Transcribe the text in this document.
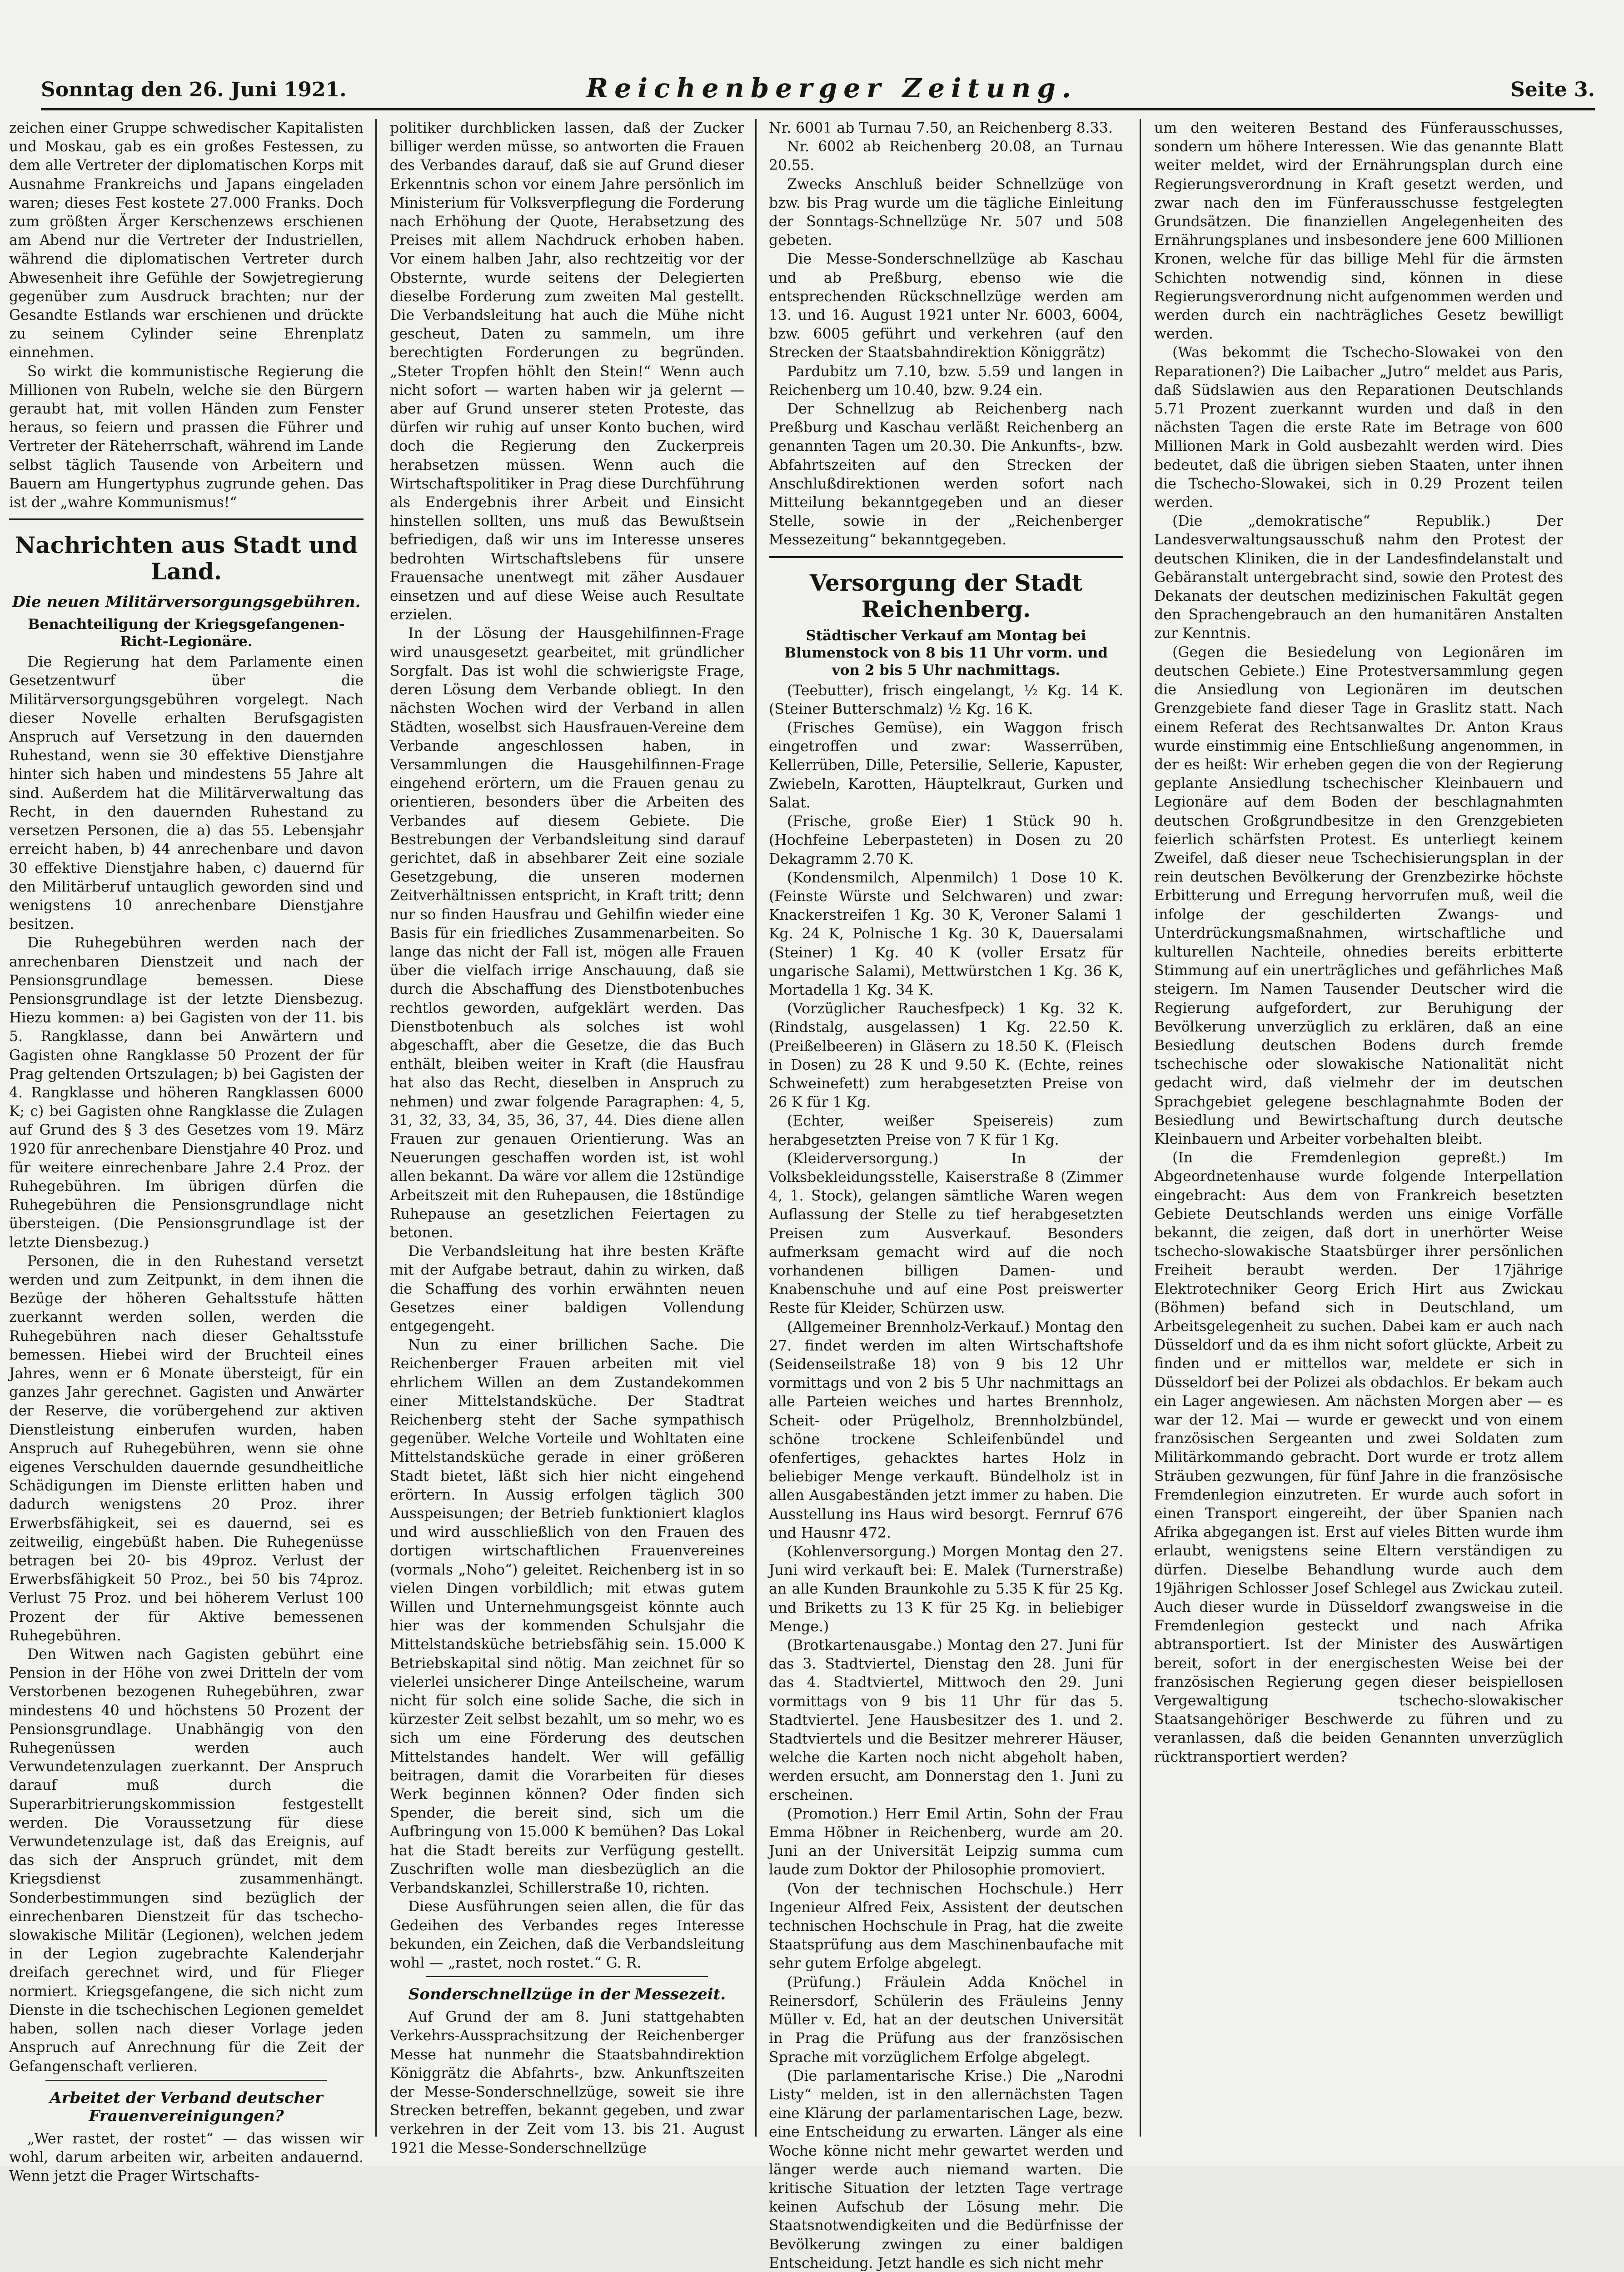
Sonntag den 26. Juni 1921.	Reichenberger Zeitung.	Seite 3.

zeichen einer Gruppe schwedischer Kapitalisten und Moskau, gab es ein großes Festessen, zu dem alle Vertreter der diplomatischen Korps mit Ausnahme Frankreichs und Japans eingeladen waren; dieses Fest kostete 27.000 Franks. Doch zum größten Ärger Kerschenzews erschienen am Abend nur die Vertreter der Industriellen, während die diplomatischen Vertreter durch Abwesenheit ihre Gefühle der Sowjetregierung gegenüber zum Ausdruck brachten; nur der Gesandte Estlands war erschienen und drückte zu seinem Cylinder seine Ehrenplatz einnehmen.

So wirkt die kommunistische Regierung die Millionen von Rubeln, welche sie den Bürgern geraubt hat, mit vollen Händen zum Fenster heraus, so feiern und prassen die Führer und Vertreter der Räteherrschaft, während im Lande selbst täglich Tausende von Arbeitern und Bauern am Hungertyphus zugrunde gehen. Das ist der „wahre Kommunismus!“

Nachrichten aus Stadt und Land.
Die neuen Militärversorgungsgebühren.
Benachteiligung der Kriegsgefangenen- Richt-Legionäre.

Die Regierung hat dem Parlamente einen Gesetzentwurf über die Militärversorgungsgebühren vorgelegt. Nach dieser Novelle erhalten Berufsgagisten Anspruch auf Versetzung in den dauernden Ruhestand, wenn sie 30 effektive Dienstjahre hinter sich haben und mindestens 55 Jahre alt sind. Außerdem hat die Militärverwaltung das Recht, in den dauernden Ruhestand zu versetzen Personen, die a) das 55. Lebensjahr erreicht haben, b) 44 anrechenbare und davon 30 effektive Dienstjahre haben, c) dauernd für den Militärberuf untauglich geworden sind und wenigstens 10 anrechenbare Dienstjahre besitzen.

Die Ruhegebühren werden nach der anrechenbaren Dienstzeit und nach der Pensionsgrundlage bemessen. Diese Pensionsgrundlage ist der letzte Diensbezug. Hiezu kommen: a) bei Gagisten von der 11. bis 5. Rangklasse, dann bei Anwärtern und Gagisten ohne Rangklasse 50 Prozent der für Prag geltenden Ortszulagen; b) bei Gagisten der 4. Rangklasse und höheren Rangklassen 6000 K; c) bei Gagisten ohne Rangklasse die Zulagen auf Grund des § 3 des Gesetzes vom 19. März 1920 für anrechenbare Dienstjahre 40 Proz. und für weitere einrechenbare Jahre 2.4 Proz. der Ruhegebühren. Im übrigen dürfen die Ruhegebühren die Pensionsgrundlage nicht übersteigen. (Die Pensionsgrundlage ist der letzte Diensbezug.)

Personen, die in den Ruhestand versetzt werden und zum Zeitpunkt, in dem ihnen die Bezüge der höheren Gehaltsstufe hätten zuerkannt werden sollen, werden die Ruhegebühren nach dieser Gehaltsstufe bemessen. Hiebei wird der Bruchteil eines Jahres, wenn er 6 Monate übersteigt, für ein ganzes Jahr gerechnet. Gagisten und Anwärter der Reserve, die vorübergehend zur aktiven Dienstleistung einberufen wurden, haben Anspruch auf Ruhegebühren, wenn sie ohne eigenes Verschulden dauernde gesundheitliche Schädigungen im Dienste erlitten haben und dadurch wenigstens 20 Proz. ihrer Erwerbsfähigkeit, sei es dauernd, sei es zeitweilig, eingebüßt haben. Die Ruhegenüsse betragen bei 20- bis 49proz. Verlust der Erwerbsfähigkeit 50 Proz., bei 50 bis 74proz. Verlust 75 Proz. und bei höherem Verlust 100 Prozent der für Aktive bemessenen Ruhegebühren.

Den Witwen nach Gagisten gebührt eine Pension in der Höhe von zwei Dritteln der vom Verstorbenen bezogenen Ruhegebühren, zwar mindestens 40 und höchstens 50 Prozent der Pensionsgrundlage. Unabhängig von den Ruhegenüssen werden auch Verwundetenzulagen zuerkannt. Der Anspruch darauf muß durch die Superarbitrierungskommission festgestellt werden. Die Voraussetzung für diese Verwundetenzulage ist, daß das Ereignis, auf das sich der Anspruch gründet, mit dem Kriegsdienst zusammenhängt. Sonderbestimmungen sind bezüglich der einrechenbaren Dienstzeit für das tschecho-slowakische Militär (Legionen), welchen jedem in der Legion zugebrachte Kalenderjahr dreifach gerechnet wird, und für Flieger normiert. Kriegsgefangene, die sich nicht zum Dienste in die tschechischen Legionen gemeldet haben, sollen nach dieser Vorlage jeden Anspruch auf Anrechnung für die Zeit der Gefangenschaft verlieren.

Arbeitet der Verband deutscher Frauenvereinigungen?

„Wer rastet, der rostet“ — das wissen wir wohl, darum arbeiten wir, arbeiten andauernd. Wenn jetzt die Prager Wirtschafts-

politiker durchblicken lassen, daß der Zucker billiger werden müsse, so antworten die Frauen des Verbandes darauf, daß sie auf Grund dieser Erkenntnis schon vor einem Jahre persönlich im Ministerium für Volksverpflegung die Forderung nach Erhöhung der Quote, Herabsetzung des Preises mit allem Nachdruck erhoben haben. Vor einem halben Jahr, also rechtzeitig vor der Obsternte, wurde seitens der Delegierten dieselbe Forderung zum zweiten Mal gestellt. Die Verbandsleitung hat auch die Mühe nicht gescheut, Daten zu sammeln, um ihre berechtigten Forderungen zu begründen. „Steter Tropfen höhlt den Stein!“ Wenn auch nicht sofort — warten haben wir ja gelernt — aber auf Grund unserer steten Proteste, das dürfen wir ruhig auf unser Konto buchen, wird doch die Regierung den Zuckerpreis herabsetzen müssen. Wenn auch die Wirtschaftspolitiker in Prag diese Durchführung als Endergebnis ihrer Arbeit und Einsicht hinstellen sollten, uns muß das Bewußtsein befriedigen, daß wir uns im Interesse unseres bedrohten Wirtschaftslebens für unsere Frauensache unentwegt mit zäher Ausdauer einsetzen und auf diese Weise auch Resultate erzielen.

In der Lösung der Hausgehilfinnen-Frage wird unausgesetzt gearbeitet, mit gründlicher Sorgfalt. Das ist wohl die schwierigste Frage, deren Lösung dem Verbande obliegt. In den nächsten Wochen wird der Verband in allen Städten, woselbst sich Hausfrauen-Vereine dem Verbande angeschlossen haben, in Versammlungen die Hausgehilfinnen-Frage eingehend erörtern, um die Frauen genau zu orientieren, besonders über die Arbeiten des Verbandes auf diesem Gebiete. Die Bestrebungen der Verbandsleitung sind darauf gerichtet, daß in absehbarer Zeit eine soziale Gesetzgebung, die unseren modernen Zeitverhältnissen entspricht, in Kraft tritt; denn nur so finden Hausfrau und Gehilfin wieder eine Basis für ein friedliches Zusammenarbeiten. So lange das nicht der Fall ist, mögen alle Frauen über die vielfach irrige Anschauung, daß sie durch die Abschaffung des Dienstbotenbuches rechtlos geworden, aufgeklärt werden. Das Dienstbotenbuch als solches ist wohl abgeschafft, aber die Gesetze, die das Buch enthält, bleiben weiter in Kraft (die Hausfrau hat also das Recht, dieselben in Anspruch zu nehmen) und zwar folgende Paragraphen: 4, 5, 31, 32, 33, 34, 35, 36, 37, 44. Dies diene allen Frauen zur genauen Orientierung. Was an Neuerungen geschaffen worden ist, ist wohl allen bekannt. Da wäre vor allem die 12stündige Arbeitszeit mit den Ruhepausen, die 18stündige Ruhepause an gesetzlichen Feiertagen zu betonen.

Die Verbandsleitung hat ihre besten Kräfte mit der Aufgabe betraut, dahin zu wirken, daß die Schaffung des vorhin erwähnten neuen Gesetzes einer baldigen Vollendung entgegengeht.

Nun zu einer brillichen Sache. Die Reichenberger Frauen arbeiten mit viel ehrlichem Willen an dem Zustandekommen einer Mittelstandsküche. Der Stadtrat Reichenberg steht der Sache sympathisch gegenüber. Welche Vorteile und Wohltaten eine Mittelstandsküche gerade in einer größeren Stadt bietet, läßt sich hier nicht eingehend erörtern. In Aussig erfolgen täglich 300 Ausspeisungen; der Betrieb funktioniert klaglos und wird ausschließlich von den Frauen des dortigen wirtschaftlichen Frauenvereines (vormals „Noho“) geleitet. Reichenberg ist in so vielen Dingen vorbildlich; mit etwas gutem Willen und Unternehmungsgeist könnte auch hier was der kommenden Schulsjahr die Mittelstandsküche betriebsfähig sein. 15.000 K Betriebskapital sind nötig. Man zeichnet für so vielerlei unsicherer Dinge Anteilscheine, warum nicht für solch eine solide Sache, die sich in kürzester Zeit selbst bezahlt, um so mehr, wo es sich um eine Förderung des deutschen Mittelstandes handelt. Wer will gefällig beitragen, damit die Vorarbeiten für dieses Werk beginnen können? Oder finden sich Spender, die bereit sind, sich um die Aufbringung von 15.000 K bemühen? Das Lokal hat die Stadt bereits zur Verfügung gestellt. Zuschriften wolle man diesbezüglich an die Verbandskanzlei, Schillerstraße 10, richten.

Diese Ausführungen seien allen, die für das Gedeihen des Verbandes reges Interesse bekunden, ein Zeichen, daß die Verbandsleitung wohl — „rastet, noch rostet.“ G. R.

Sonderschnellzüge in der Messezeit.

Auf Grund der am 8. Juni stattgehabten Verkehrs-Aussprachsitzung der Reichenberger Messe hat nunmehr die Staatsbahndirektion Königgrätz die Abfahrts-, bzw. Ankunftszeiten der Messe-Sonderschnellzüge, soweit sie ihre Strecken betreffen, bekannt gegeben, und zwar verkehren in der Zeit vom 13. bis 21. August 1921 die Messe-Sonderschnellzüge

Nr. 6001 ab Turnau 7.50, an Reichenberg 8.33.

Nr. 6002 ab Reichenberg 20.08, an Turnau 20.55.

Zwecks Anschluß beider Schnellzüge von bzw. bis Prag wurde um die tägliche Einleitung der Sonntags-Schnellzüge Nr. 507 und 508 gebeten.

Die Messe-Sonderschnellzüge ab Kaschau und ab Preßburg, ebenso wie die entsprechenden Rückschnellzüge werden am 13. und 16. August 1921 unter Nr. 6003, 6004, bzw. 6005 geführt und verkehren (auf den Strecken der Staatsbahndirektion Königgrätz)

Pardubitz um 7.10, bzw. 5.59 und langen in Reichenberg um 10.40, bzw. 9.24 ein.

Der Schnellzug ab Reichenberg nach Preßburg und Kaschau verläßt Reichenberg an genannten Tagen um 20.30. Die Ankunfts-, bzw. Abfahrtszeiten auf den Strecken der Anschlußdirektionen werden sofort nach Mitteilung bekanntgegeben und an dieser Stelle, sowie in der „Reichenberger Messezeitung“ bekanntgegeben.

Versorgung der Stadt Reichenberg.
Städtischer Verkauf am Montag bei Blumenstock von 8 bis 11 Uhr vorm. und von 2 bis 5 Uhr nachmittags.

(Teebutter), frisch eingelangt, ½ Kg. 14 K. (Steiner Butterschmalz) ½ Kg. 16 K.

(Frisches Gemüse), ein Waggon frisch eingetroffen und zwar: Wasserrüben, Kellerrüben, Dille, Petersilie, Sellerie, Kapuster, Zwiebeln, Karotten, Häuptelkraut, Gurken und Salat.

(Frische, große Eier) 1 Stück 90 h. (Hochfeine Leberpasteten) in Dosen zu 20 Dekagramm 2.70 K.

(Kondensmilch, Alpenmilch) 1 Dose 10 K. (Feinste Würste und Selchwaren) und zwar: Knackerstreifen 1 Kg. 30 K, Veroner Salami 1 Kg. 24 K, Polnische 1 Kg. 30 K, Dauersalami (Steiner) 1 Kg. 40 K (voller Ersatz für ungarische Salami), Mettwürstchen 1 Kg. 36 K, Mortadella 1 Kg. 34 K.

(Vorzüglicher Rauchesfpeck) 1 Kg. 32 K. (Rindstalg, ausgelassen) 1 Kg. 22.50 K. (Preißelbeeren) in Gläsern zu 18.50 K. (Fleisch in Dosen) zu 28 K und 9.50 K. (Echte, reines Schweinefett) zum herabgesetzten Preise von 26 K für 1 Kg.

(Echter, weißer Speisereis) zum herabgesetzten Preise von 7 K für 1 Kg.

(Kleiderversorgung.) In der Volksbekleidungsstelle, Kaiserstraße 8 (Zimmer 4, 1. Stock), gelangen sämtliche Waren wegen Auflassung der Stelle zu tief herabgesetzten Preisen zum Ausverkauf. Besonders aufmerksam gemacht wird auf die noch vorhandenen billigen Damen- und Knabenschuhe und auf eine Post preiswerter Reste für Kleider, Schürzen usw.

(Allgemeiner Brennholz-Verkauf.) Montag den 27. findet werden im alten Wirtschaftshofe (Seidenseilstraße 18) von 9 bis 12 Uhr vormittags und von 2 bis 5 Uhr nachmittags an alle Parteien weiches und hartes Brennholz, Scheit- oder Prügelholz, Brennholzbündel, schöne trockene Schleifenbündel und ofenfertiges, gehacktes hartes Holz in beliebiger Menge verkauft. Bündelholz ist in allen Ausgabeständen jetzt immer zu haben. Die Ausstellung ins Haus wird besorgt. Fernruf 676 und Hausnr 472.

(Kohlenversorgung.) Morgen Montag den 27. Juni wird verkauft bei: E. Malek (Turnerstraße) an alle Kunden Braunkohle zu 5.35 K für 25 Kg. und Briketts zu 13 K für 25 Kg. in beliebiger Menge.)

(Brotkartenausgabe.) Montag den 27. Juni für das 3. Stadtviertel, Dienstag den 28. Juni für das 4. Stadtviertel, Mittwoch den 29. Juni vormittags von 9 bis 11 Uhr für das 5. Stadtviertel. Jene Hausbesitzer des 1. und 2. Stadtviertels und die Besitzer mehrerer Häuser, welche die Karten noch nicht abgeholt haben, werden ersucht, am Donnerstag den 1. Juni zu erscheinen.

(Promotion.) Herr Emil Artin, Sohn der Frau Emma Höbner in Reichenberg, wurde am 20. Juni an der Universität Leipzig summa cum laude zum Doktor der Philosophie promoviert.

(Von der technischen Hochschule.) Herr Ingenieur Alfred Feix, Assistent der deutschen technischen Hochschule in Prag, hat die zweite Staatsprüfung aus dem Maschinenbaufache mit sehr gutem Erfolge abgelegt.

(Prüfung.) Fräulein Adda Knöchel in Reinersdorf, Schülerin des Fräuleins Jenny Müller v. Ed, hat an der deutschen Universität in Prag die Prüfung aus der französischen Sprache mit vorzüglichem Erfolge abgelegt.

(Die parlamentarische Krise.) Die „Narodni Listy“ melden, ist in den allernächsten Tagen eine Klärung der parlamentarischen Lage, bezw. eine Entscheidung zu erwarten. Länger als eine Woche könne nicht mehr gewartet werden und länger werde auch niemand warten. Die kritische Situation der letzten Tage vertrage keinen Aufschub der Lösung mehr. Die Staatsnotwendigkeiten und die Bedürfnisse der Bevölkerung zwingen zu einer baldigen Entscheidung. Jetzt handle es sich nicht mehr

um den weiteren Bestand des Fünferausschusses, sondern um höhere Interessen. Wie das genannte Blatt weiter meldet, wird der Ernährungsplan durch eine Regierungsverordnung in Kraft gesetzt werden, und zwar nach den im Fünferausschusse festgelegten Grundsätzen. Die finanziellen Angelegenheiten des Ernährungsplanes und insbesondere jene 600 Millionen Kronen, welche für das billige Mehl für die ärmsten Schichten notwendig sind, können in diese Regierungsverordnung nicht aufgenommen werden und werden durch ein nachträgliches Gesetz bewilligt werden.

(Was bekommt die Tschecho-Slowakei von den Reparationen?) Die Laibacher „Jutro“ meldet aus Paris, daß Südslawien aus den Reparationen Deutschlands 5.71 Prozent zuerkannt wurden und daß in den nächsten Tagen die erste Rate im Betrage von 600 Millionen Mark in Gold ausbezahlt werden wird. Dies bedeutet, daß die übrigen sieben Staaten, unter ihnen die Tschecho-Slowakei, sich in 0.29 Prozent teilen werden.

(Die „demokratische“ Republik.) Der Landesverwaltungsausschuß nahm den Protest der deutschen Kliniken, die in der Landesfindelanstalt und Gebäranstalt untergebracht sind, sowie den Protest des Dekanats der deutschen medizinischen Fakultät gegen den Sprachengebrauch an den humanitären Anstalten zur Kenntnis.

(Gegen die Besiedelung von Legionären im deutschen Gebiete.) Eine Protestversammlung gegen die Ansiedlung von Legionären im deutschen Grenzgebiete fand dieser Tage in Graslitz statt. Nach einem Referat des Rechtsanwaltes Dr. Anton Kraus wurde einstimmig eine Entschließung angenommen, in der es heißt: Wir erheben gegen die von der Regierung geplante Ansiedlung tschechischer Kleinbauern und Legionäre auf dem Boden der beschlagnahmten deutschen Großgrundbesitze in den Grenzgebieten feierlich schärfsten Protest. Es unterliegt keinem Zweifel, daß dieser neue Tschechisierungsplan in der rein deutschen Bevölkerung der Grenzbezirke höchste Erbitterung und Erregung hervorrufen muß, weil die infolge der geschilderten Zwangs- und Unterdrückungsmaßnahmen, wirtschaftliche und kulturellen Nachteile, ohnedies bereits erbitterte Stimmung auf ein unerträgliches und gefährliches Maß steigern. Im Namen Tausender Deutscher wird die Regierung aufgefordert, zur Beruhigung der Bevölkerung unverzüglich zu erklären, daß an eine Besiedlung deutschen Bodens durch fremde tschechische oder slowakische Nationalität nicht gedacht wird, daß vielmehr der im deutschen Sprachgebiet gelegene beschlagnahmte Boden der Besiedlung und Bewirtschaftung durch deutsche Kleinbauern und Arbeiter vorbehalten bleibt.

(In die Fremdenlegion gepreßt.) Im Abgeordnetenhause wurde folgende Interpellation eingebracht: Aus dem von Frankreich besetzten Gebiete Deutschlands werden uns einige Vorfälle bekannt, die zeigen, daß dort in unerhörter Weise tschecho-slowakische Staatsbürger ihrer persönlichen Freiheit beraubt werden. Der 17jährige Elektrotechniker Georg Erich Hirt aus Zwickau (Böhmen) befand sich in Deutschland, um Arbeitsgelegenheit zu suchen. Dabei kam er auch nach Düsseldorf und da es ihm nicht sofort glückte, Arbeit zu finden und er mittellos war, meldete er sich in Düsseldorf bei der Polizei als obdachlos. Er bekam auch ein Lager angewiesen. Am nächsten Morgen aber — es war der 12. Mai — wurde er geweckt und von einem französischen Sergeanten und zwei Soldaten zum Militärkommando gebracht. Dort wurde er trotz allem Sträuben gezwungen, für fünf Jahre in die französische Fremdenlegion einzutreten. Er wurde auch sofort in einen Transport eingereiht, der über Spanien nach Afrika abgegangen ist. Erst auf vieles Bitten wurde ihm erlaubt, wenigstens seine Eltern verständigen zu dürfen. Dieselbe Behandlung wurde auch dem 19jährigen Schlosser Josef Schlegel aus Zwickau zuteil. Auch dieser wurde in Düsseldorf zwangsweise in die Fremdenlegion gesteckt und nach Afrika abtransportiert. Ist der Minister des Auswärtigen bereit, sofort in der energischesten Weise bei der französischen Regierung gegen dieser beispiellosen Vergewaltigung tschecho-slowakischer Staatsangehöriger Beschwerde zu führen und zu veranlassen, daß die beiden Genannten unverzüglich rücktransportiert werden?
